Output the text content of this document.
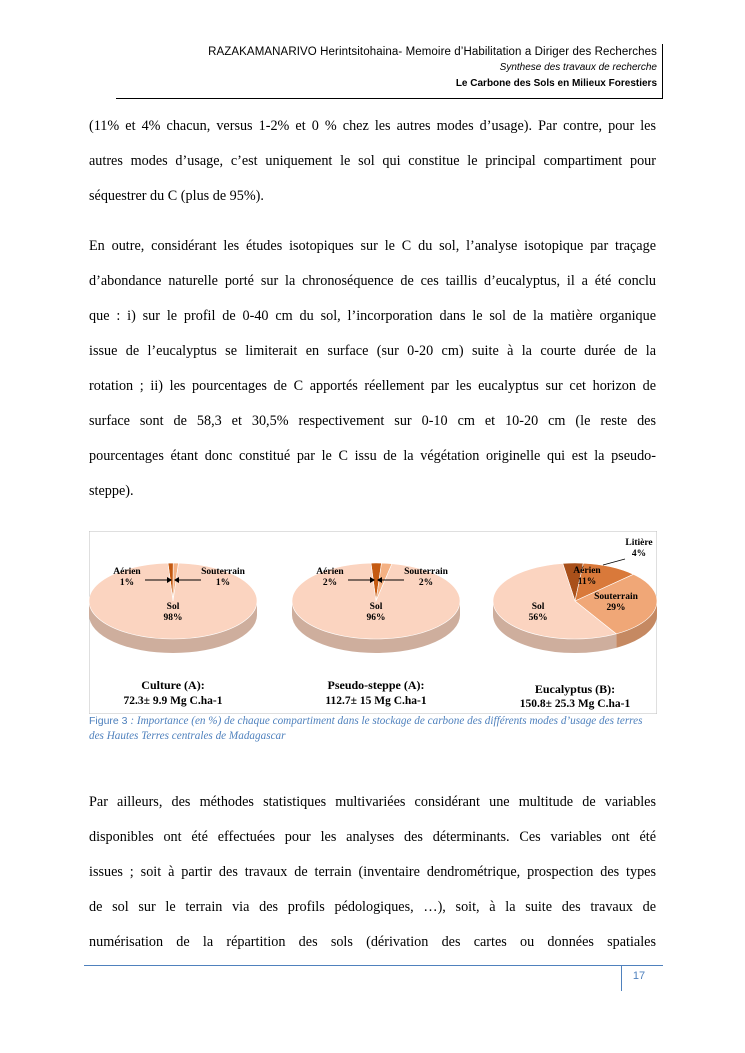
RAZAKAMANARIVO Herintsitohaina- Memoire d’Habilitation a Diriger des Recherches
Synthese des travaux de recherche
Le Carbone des Sols en Milieux Forestiers
(11% et 4% chacun, versus 1-2% et 0 % chez les autres modes d’usage). Par contre, pour les
autres modes d’usage, c’est uniquement le sol qui constitue le principal compartiment pour
séquestrer du C (plus de 95%).
En outre, considérant les études isotopiques sur le C du sol, l’analyse isotopique par traçage
d’abondance naturelle porté sur la chronoséquence de ces taillis d’eucalyptus, il a été conclu
que : i) sur le profil de 0-40 cm du sol, l’incorporation dans le sol de la matière organique
issue de l’eucalyptus se limiterait en surface (sur 0-20 cm) suite à la courte durée de la
rotation ; ii) les pourcentages de C apportés réellement par les eucalyptus sur cet horizon de
surface sont de 58,3 et 30,5% respectivement sur 0-10 cm et 10-20 cm (le reste des
pourcentages étant donc constitué par le C issu de la végétation originelle qui est la pseudo-
steppe).
Aérien
1%
Souterrain
1%
Sol
98%
Culture (A):
72.3± 9.9 Mg C.ha-1
Aérien
2%
Souterrain
2%
Sol
96%
Pseudo-steppe (A):
112.7± 15 Mg C.ha-1
Litière
4%
Aérien
11%
Souterrain
29%
Sol
56%
Eucalyptus (B):
150.8± 25.3 Mg C.ha-1
Figure 3 : Importance (en %) de chaque compartiment dans le stockage de carbone des différents modes d’usage des terres des Hautes Terres centrales de Madagascar
Par ailleurs, des méthodes statistiques multivariées considérant une multitude de variables
disponibles ont été effectuées pour les analyses des déterminants. Ces variables ont été
issues ; soit à partir des travaux de terrain (inventaire dendrométrique, prospection des types
de sol sur le terrain via des profils pédologiques, …), soit, à la suite des travaux de
numérisation de la répartition des sols (dérivation des cartes ou données spatiales
17
